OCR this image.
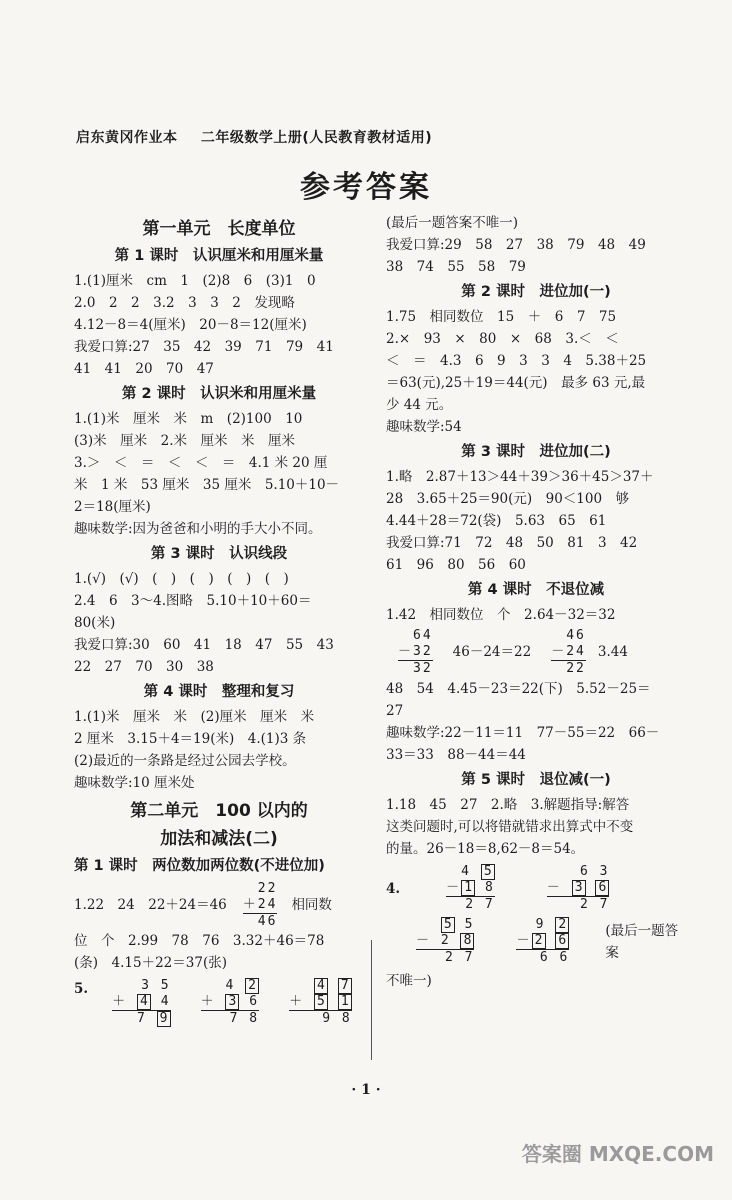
启东黄冈作业本 二年级数学上册(人民教育教材适用)
参考答案
第一单元　长度单位
第 1 课时　认识厘米和用厘米量
1.(1)厘米　cm　1　(2)8　6　(3)1　0
2.0　2　2　3.2　3　3　2　发现略
4.12－8＝4(厘米)　20－8＝12(厘米)
我爱口算:27　35　42　39　71　79　41
41　41　20　70　47
第 2 课时　认识米和用厘米量
1.(1)米　厘米　米　m　(2)100　10
(3)米　厘米　2.米　厘米　米　厘米
3.＞　＜　＝　＜　＜　＝　4.1 米 20 厘
米　1 米　53 厘米　35 厘米　5.10＋10－
2＝18(厘米)
趣味数学:因为爸爸和小明的手大小不同。
第 3 课时　认识线段
1.(√)　(√)　(　)　(　)　(　)　(　)
2.4　6　3～4.图略　5.10＋10＋60＝
80(米)
我爱口算:30　60　41　18　47　55　43
22　27　70　30　38
第 4 课时　整理和复习
1.(1)米　厘米　米　(2)厘米　厘米　米
2 厘米　3.15＋4＝19(米)　4.(1)3 条
(2)最近的一条路是经过公园去学校。
趣味数学:10 厘米处
第二单元　100 以内的
加法和减法(二)
第 1 课时　两位数加两位数(不进位加)
1.22　24　22＋24＝46
22
＋24
46
相同数
位　个　2.99　78　76　3.32＋46＝78
(条)　4.15＋22＝37(张)
5.	3 5
＋ 4 4
7 9
4 2
＋ 3 6
7 8
4 7
＋ 5 1
9 8
(最后一题答案不唯一)
我爱口算:29　58　27　38　79　48　49
38　74　55　58　79
第 2 课时　进位加(一)
1.75　相同数位　15　＋　6　7　75
2.×　93　×　80　×　68　3.＜　＜
＜　＝　4.3　6　9　3　3　4　5.38＋25
＝63(元),25＋19＝44(元)　最多 63 元,最
少 44 元。
趣味数学:54
第 3 课时　进位加(二)
1.略　2.87＋13＞44＋39＞36＋45＞37＋
28　3.65＋25＝90(元)　90＜100　够
4.44＋28＝72(袋)　5.63　65　61
我爱口算:71　72　48　50　81　3　42
61　96　80　56　60
第 4 课时　不退位减
1.42　相同数位　个　2.64－32＝32
64
－32
32
46－24＝22
46
－24
22
3.44
48　54　4.45－23＝22(下)　5.52－25＝
27
趣味数学:22－11＝11　77－55＝22　66－
33＝33　88－44＝44
第 5 课时　退位减(一)
1.18　45　27　2.略　3.解题指导:解答
这类问题时,可以将错就错求出算式中不变
的量。26－18＝8,62－8＝54。
4.
4 5
－ 1 8
2 7
6 3
－ 3 6
2 7
5 5
－ 2 8
2 7
9 2
－ 2 6
6 6
(最后一题答案
不唯一)
· 1 ·
答案圈 MXQE.COM
